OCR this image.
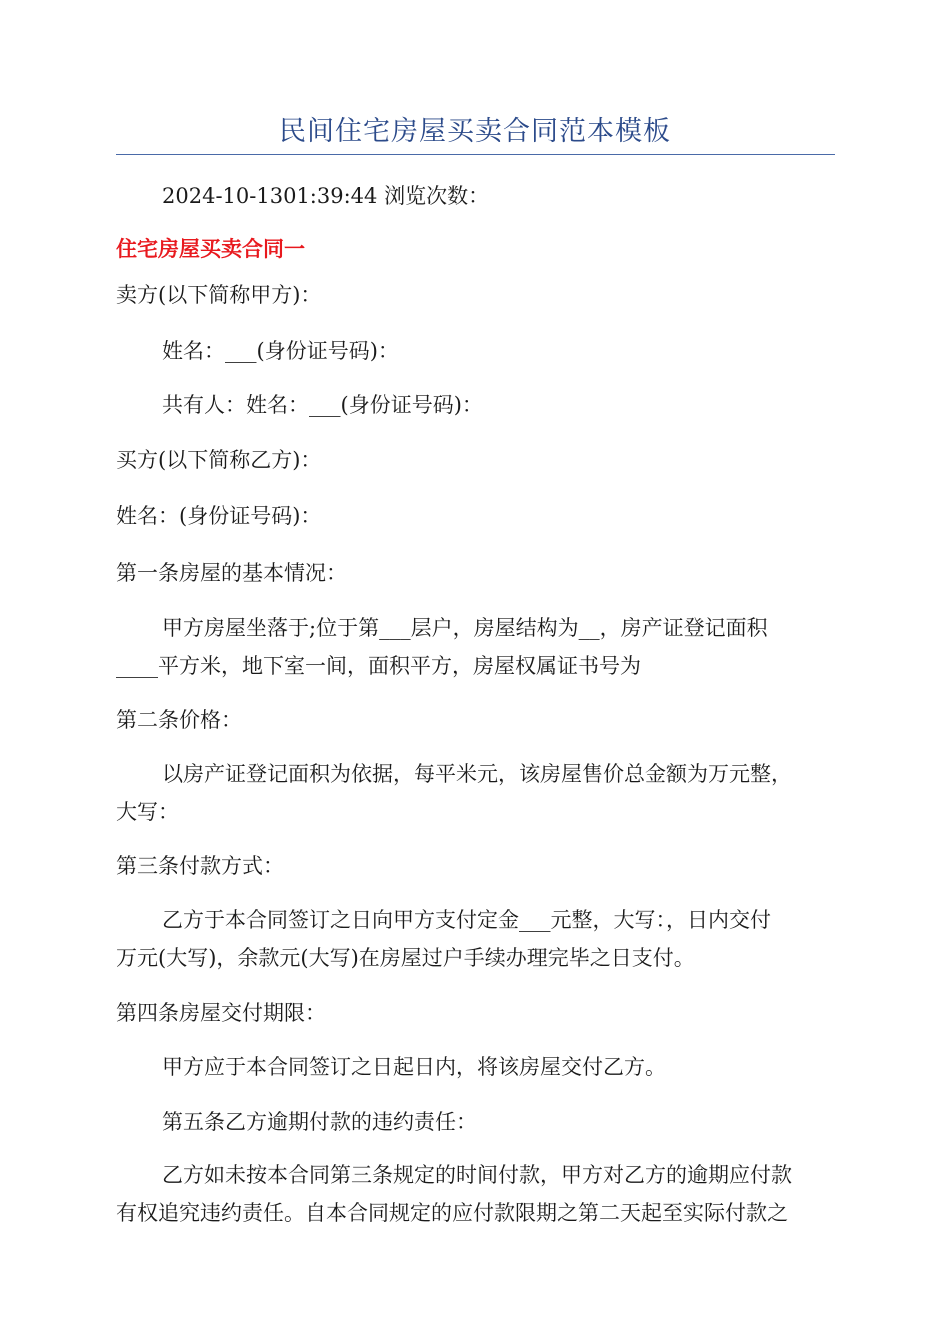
民间住宅房屋买卖合同范本模板

2024-10-1301:39:44 浏览次数：

住宅房屋买卖合同一

卖方(以下简称甲方)：

姓名：___(身份证号码)：

共有人：姓名：___(身份证号码)：

买方(以下简称乙方)：

姓名：(身份证号码)：

第一条房屋的基本情况：

甲方房屋坐落于;位于第___层户，房屋结构为__，房产证登记面积

____平方米，地下室一间，面积平方，房屋权属证书号为

第二条价格：

以房产证登记面积为依据，每平米元，该房屋售价总金额为万元整，

大写：

第三条付款方式：

乙方于本合同签订之日向甲方支付定金___元整，大写：，日内交付

万元(大写)，余款元(大写)在房屋过户手续办理完毕之日支付。

第四条房屋交付期限：

甲方应于本合同签订之日起日内，将该房屋交付乙方。

第五条乙方逾期付款的违约责任：

乙方如未按本合同第三条规定的时间付款，甲方对乙方的逾期应付款

有权追究违约责任。自本合同规定的应付款限期之第二天起至实际付款之
